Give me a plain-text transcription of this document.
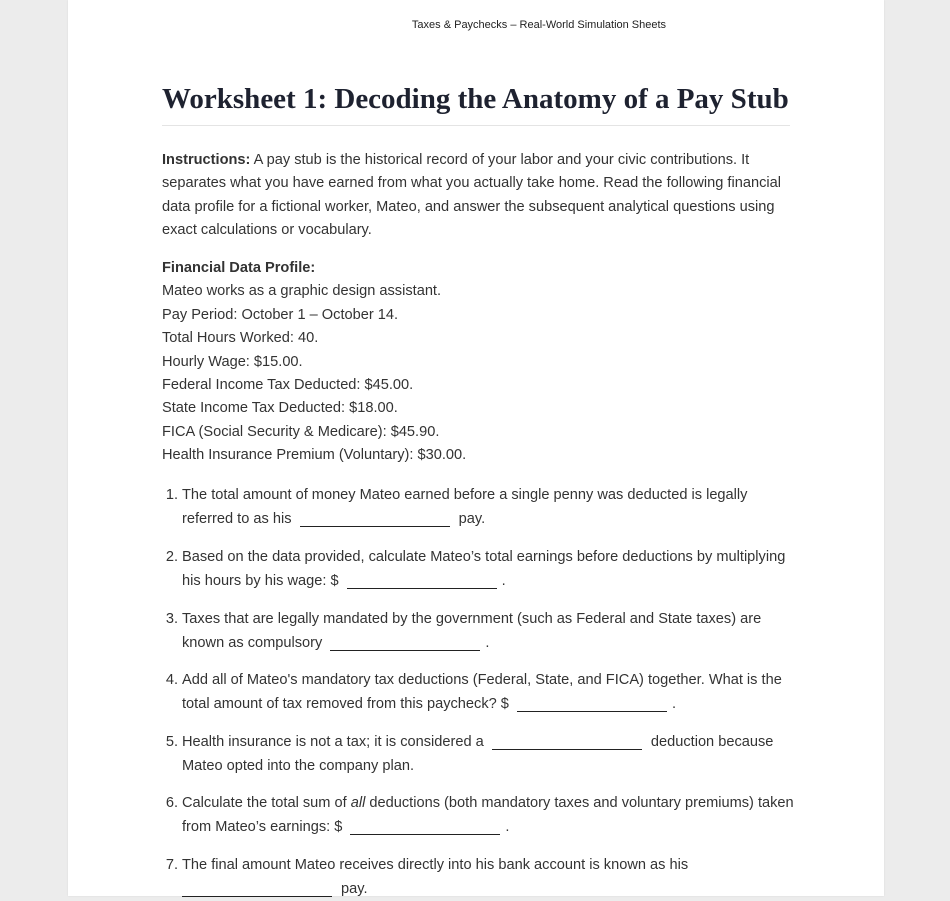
Taxes & Paychecks – Real-World Simulation Sheets
Worksheet 1: Decoding the Anatomy of a Pay Stub
Instructions: A pay stub is the historical record of your labor and your civic contributions. It separates what you have earned from what you actually take home. Read the following financial data profile for a fictional worker, Mateo, and answer the subsequent analytical questions using exact calculations or vocabulary.
Financial Data Profile:
Mateo works as a graphic design assistant.
Pay Period: October 1 – October 14.
Total Hours Worked: 40.
Hourly Wage: $15.00.
Federal Income Tax Deducted: $45.00.
State Income Tax Deducted: $18.00.
FICA (Social Security & Medicare): $45.90.
Health Insurance Premium (Voluntary): $30.00.
1. The total amount of money Mateo earned before a single penny was deducted is legally referred to as his	pay.
2. Based on the data provided, calculate Mateo’s total earnings before deductions by multiplying his hours by his wage: $	.
3. Taxes that are legally mandated by the government (such as Federal and State taxes) are known as compulsory	.
4. Add all of Mateo's mandatory tax deductions (Federal, State, and FICA) together. What is the total amount of tax removed from this paycheck? $	.
5. Health insurance is not a tax; it is considered a	deduction because Mateo opted into the company plan.
6. Calculate the total sum of all deductions (both mandatory taxes and voluntary premiums) taken from Mateo’s earnings: $	.
7. The final amount Mateo receives directly into his bank account is known as his  pay.
